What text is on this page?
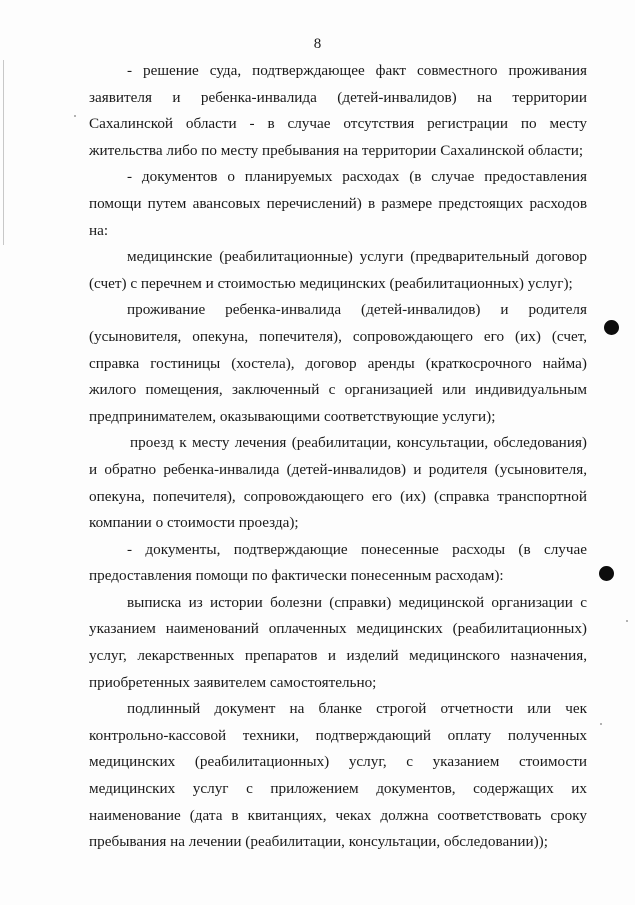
8

- решение суда, подтверждающее факт совместного проживания заявителя и ребенка-инвалида (детей-инвалидов) на территории Сахалинской области - в случае отсутствия регистрации по месту жительства либо по месту пребывания на территории Сахалинской области;

- документов о планируемых расходах (в случае предоставления помощи путем авансовых перечислений) в размере предстоящих расходов на:

медицинские (реабилитационные) услуги (предварительный договор (счет) с перечнем и стоимостью медицинских (реабилитационных) услуг);

проживание ребенка-инвалида (детей-инвалидов) и родителя (усыновителя, опекуна, попечителя), сопровождающего его (их) (счет, справка гостиницы (хостела), договор аренды (краткосрочного найма) жилого помещения, заключенный с организацией или индивидуальным предпринимателем, оказывающими соответствующие услуги);

проезд к месту лечения (реабилитации, консультации, обследования) и обратно ребенка-инвалида (детей-инвалидов) и родителя (усыновителя, опекуна, попечителя), сопровождающего его (их) (справка транспортной компании о стоимости проезда);

- документы, подтверждающие понесенные расходы (в случае предоставления помощи по фактически понесенным расходам):

выписка из истории болезни (справки) медицинской организации с указанием наименований оплаченных медицинских (реабилитационных) услуг, лекарственных препаратов и изделий медицинского назначения, приобретенных заявителем самостоятельно;

подлинный документ на бланке строгой отчетности или чек контрольно-кассовой техники, подтверждающий оплату полученных медицинских (реабилитационных) услуг, с указанием стоимости медицинских услуг с приложением документов, содержащих их наименование (дата в квитанциях, чеках должна соответствовать сроку пребывания на лечении (реабилитации, консультации, обследовании));
